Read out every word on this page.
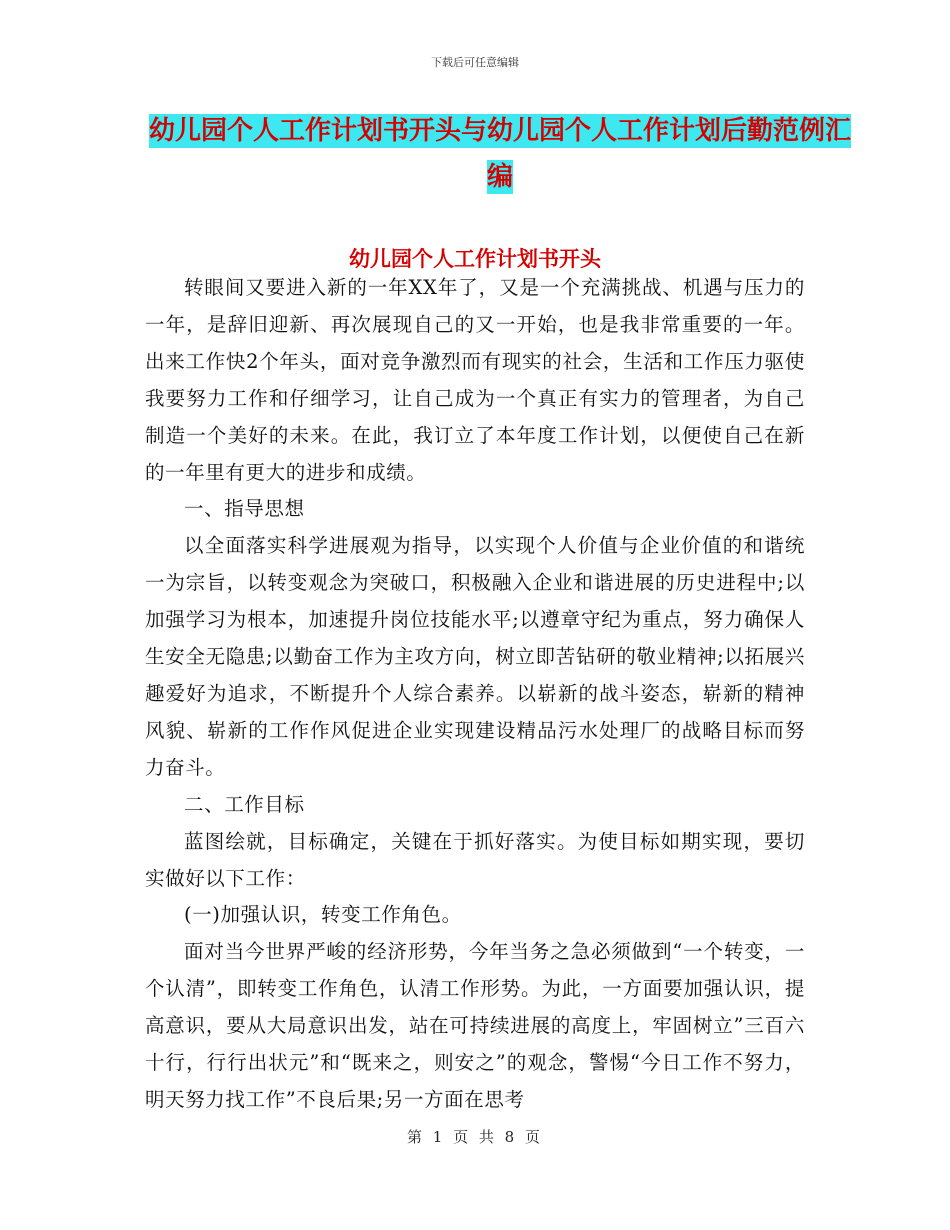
下载后可任意编辑
幼儿园个人工作计划书开头与幼儿园个人工作计划后勤范例汇编
幼儿园个人工作计划书开头

转眼间又要进入新的一年XX年了，又是一个充满挑战、机遇与压力的一年，是辞旧迎新、再次展现自己的又一开始，也是我非常重要的一年。出来工作快2个年头，面对竞争激烈而有现实的社会，生活和工作压力驱使我要努力工作和仔细学习，让自己成为一个真正有实力的管理者，为自己制造一个美好的未来。在此，我订立了本年度工作计划，以便使自己在新的一年里有更大的进步和成绩。

一、指导思想

以全面落实科学进展观为指导，以实现个人价值与企业价值的和谐统一为宗旨，以转变观念为突破口，积极融入企业和谐进展的历史进程中;以加强学习为根本，加速提升岗位技能水平;以遵章守纪为重点，努力确保人生安全无隐患;以勤奋工作为主攻方向，树立即苦钻研的敬业精神;以拓展兴趣爱好为追求，不断提升个人综合素养。以崭新的战斗姿态，崭新的精神风貌、崭新的工作作风促进企业实现建设精品污水处理厂的战略目标而努力奋斗。

二、工作目标

蓝图绘就，目标确定，关键在于抓好落实。为使目标如期实现，要切实做好以下工作：

(一)加强认识，转变工作角色。

面对当今世界严峻的经济形势，今年当务之急必须做到“一个转变，一个认清”，即转变工作角色，认清工作形势。为此，一方面要加强认识，提高意识，要从大局意识出发，站在可持续进展的高度上，牢固树立”三百六十行，行行出状元”和“既来之，则安之”的观念，警惕“今日工作不努力，明天努力找工作”不良后果;另一方面在思考

第 1 页 共 8 页
